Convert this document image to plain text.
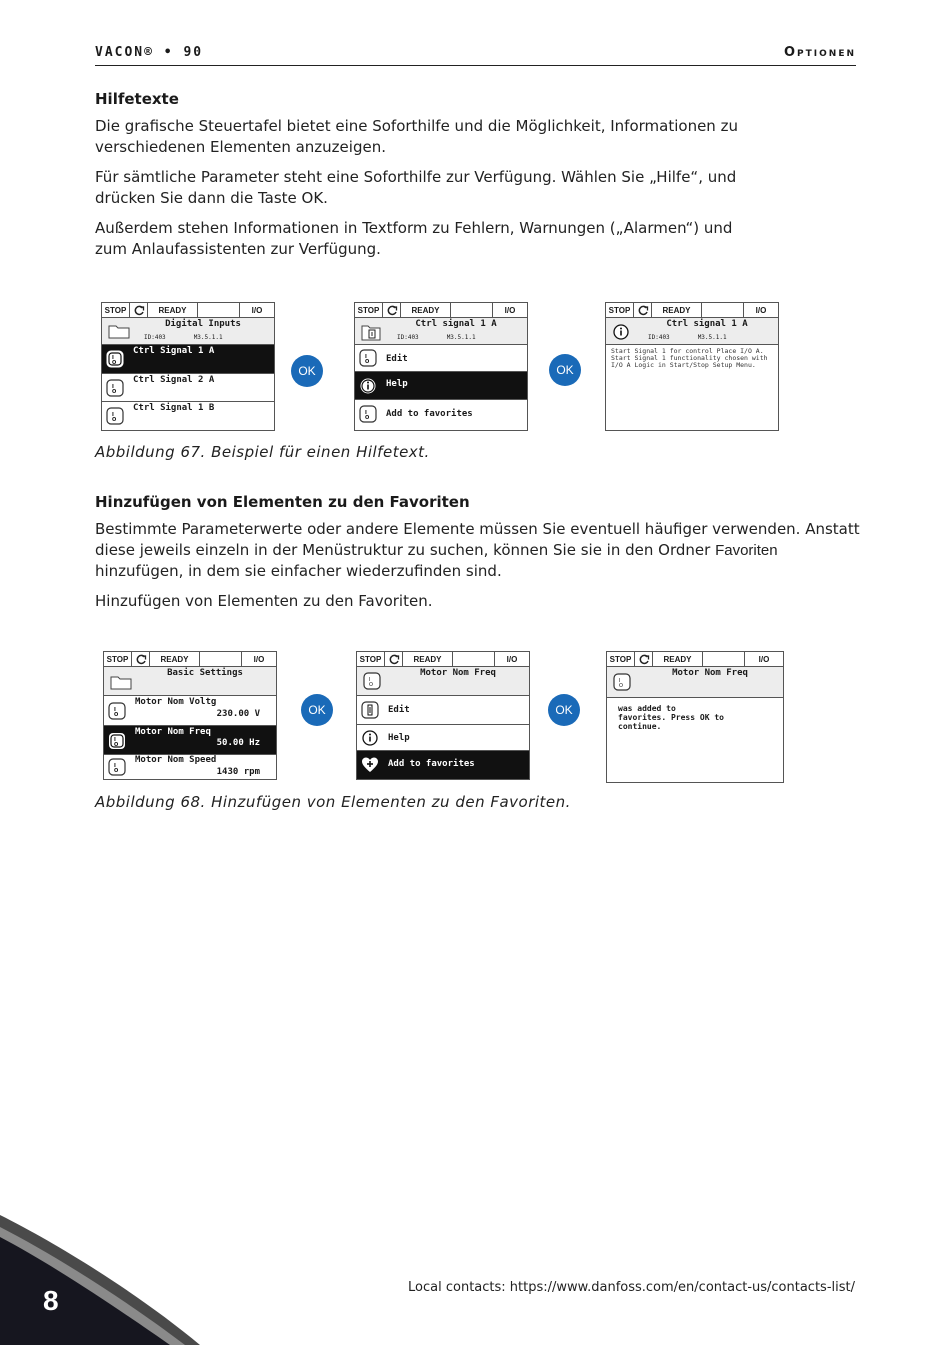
VACON® • 90	Optionen
Hilfetexte

Die grafische Steuertafel bietet eine Soforthilfe und die Möglichkeit, Informationen zu verschiedenen Elementen anzuzeigen.

Für sämtliche Parameter steht eine Soforthilfe zur Verfügung. Wählen Sie „Hilfe“, und drücken Sie dann die Taste OK.

Außerdem stehen Informationen in Textform zu Fehlern, Warnungen („Alarmen“) und zum Anlaufassistenten zur Verfügung.

STOP	READY	I/O
Digital Inputs
ID:403	M3.5.1.1
I
O
Ctrl Signal 1 A
I
O
Ctrl Signal 2 A
I
O
Ctrl Signal 1 B
OK
STOP	READY	I/O
Ctrl signal 1 A
ID:403	M3.5.1.1
I
O Edit
Help
I
O Add to favorites
OK
STOP	READY	I/O
Ctrl signal 1 A
ID:403	M3.5.1.1
Start Signal 1 for control Place I/O A. Start Signal 1 functionality chosen with I/O A Logic in Start/Stop Setup Menu.
Abbildung 67. Beispiel für einen Hilfetext.
Hinzufügen von Elementen zu den Favoriten

Bestimmte Parameterwerte oder andere Elemente müssen Sie eventuell häufiger verwenden. Anstatt diese jeweils einzeln in der Menüstruktur zu suchen, können Sie sie in den Ordner Favoriten hinzufügen, in dem sie einfacher wiederzufinden sind.

Hinzufügen von Elementen zu den Favoriten.

STOP	READY	I/O
Basic Settings
I
O
Motor Nom Voltg
230.00 V
I
O
Motor Nom Freq
50.00 Hz
I
O
Motor Nom Speed
1430 rpm
OK
STOP	READY	I/O
I
O
Motor Nom Freq
Edit
Help
Add to favorites
OK
STOP	READY	I/O
I
O
Motor Nom Freq
was added to favorites. Press OK to continue.
Abbildung 68. Hinzufügen von Elementen zu den Favoriten.
8	Local contacts: https://www.danfoss.com/en/contact-us/contacts-list/
